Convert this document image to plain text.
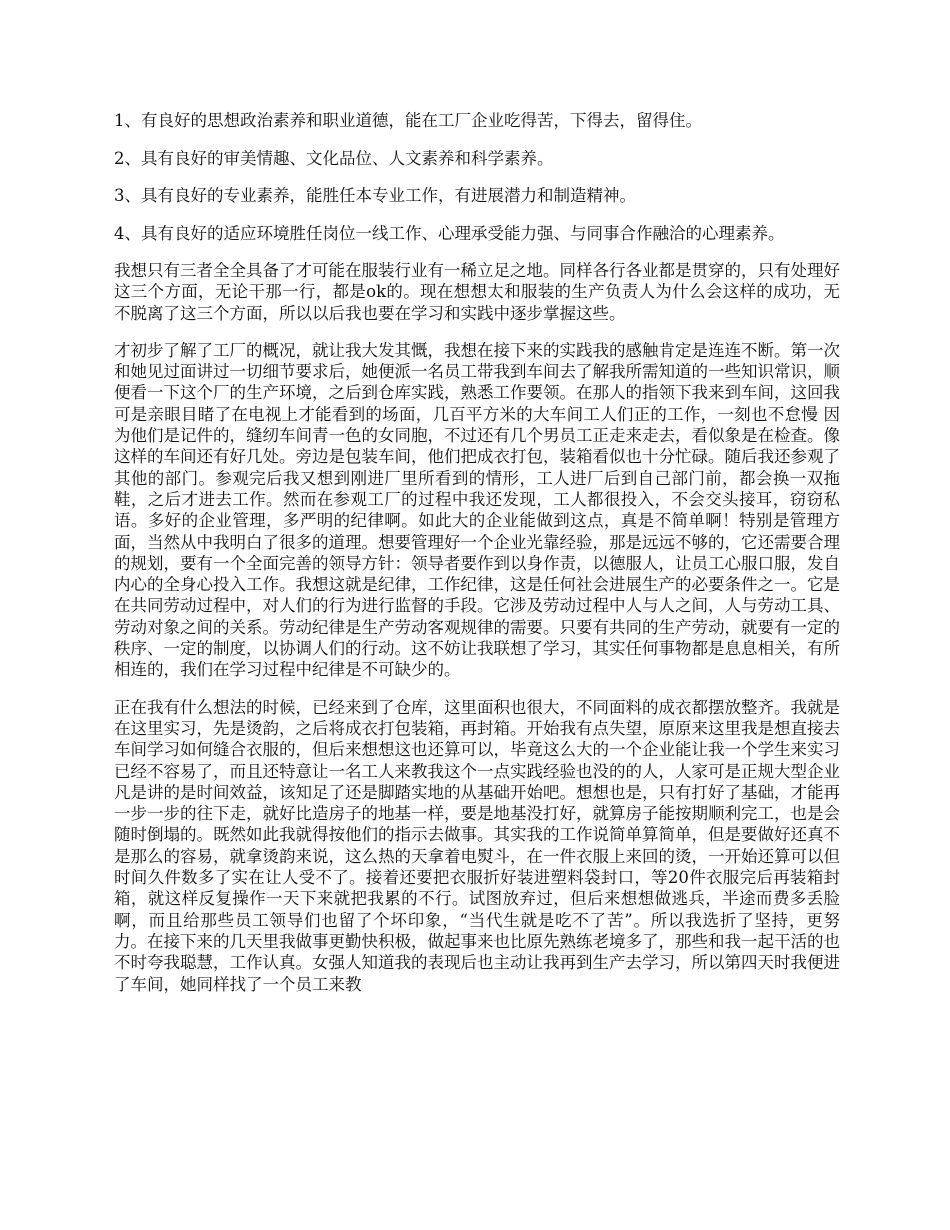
1、有良好的思想政治素养和职业道德，能在工厂企业吃得苦，下得去，留得住。

2、具有良好的审美情趣、文化品位、人文素养和科学素养。

3、具有良好的专业素养，能胜任本专业工作，有进展潜力和制造精神。

4、具有良好的适应环境胜任岗位一线工作、心理承受能力强、与同事合作融洽的心理素养。

我想只有三者全全具备了才可能在服装行业有一稀立足之地。同样各行各业都是贯穿的，只有处理好这三个方面，无论干那一行，都是ok的。现在想想太和服装的生产负责人为什么会这样的成功，无不脱离了这三个方面，所以以后我也要在学习和实践中逐步掌握这些。

才初步了解了工厂的概况，就让我大发其慨，我想在接下来的实践我的感触肯定是连连不断。第一次和她见过面讲过一切细节要求后，她便派一名员工带我到车间去了解我所需知道的一些知识常识，顺便看一下这个厂的生产环境，之后到仓库实践，熟悉工作要领。在那人的指领下我来到车间，这回我可是亲眼目睹了在电视上才能看到的场面，几百平方米的大车间工人们正的工作，一刻也不怠慢 因为他们是记件的，缝纫车间青一色的女同胞，不过还有几个男员工正走来走去，看似象是在检查。像这样的车间还有好几处。旁边是包装车间，他们把成衣打包，装箱看似也十分忙碌。随后我还参观了其他的部门。参观完后我又想到刚进厂里所看到的情形，工人进厂后到自己部门前，都会换一双拖鞋，之后才进去工作。然而在参观工厂的过程中我还发现，工人都很投入，不会交头接耳，窃窃私语。多好的企业管理，多严明的纪律啊。如此大的企业能做到这点，真是不简单啊！特别是管理方面，当然从中我明白了很多的道理。想要管理好一个企业光靠经验，那是远远不够的，它还需要合理的规划，要有一个全面完善的领导方针：领导者要作到以身作责，以德服人，让员工心服口服，发自内心的全身心投入工作。我想这就是纪律，工作纪律，这是任何社会进展生产的必要条件之一。它是在共同劳动过程中，对人们的行为进行监督的手段。它涉及劳动过程中人与人之间，人与劳动工具、劳动对象之间的关系。劳动纪律是生产劳动客观规律的需要。只要有共同的生产劳动，就要有一定的秩序、一定的制度，以协调人们的行动。这不妨让我联想了学习，其实任何事物都是息息相关，有所相连的，我们在学习过程中纪律是不可缺少的。

正在我有什么想法的时候，已经来到了仓库，这里面积也很大，不同面料的成衣都摆放整齐。我就是在这里实习，先是烫韵，之后将成衣打包装箱，再封箱。开始我有点失望，原原来这里我是想直接去车间学习如何缝合衣服的，但后来想想这也还算可以，毕竟这么大的一个企业能让我一个学生来实习已经不容易了，而且还特意让一名工人来教我这个一点实践经验也没的的人，人家可是正规大型企业凡是讲的是时间效益，该知足了还是脚踏实地的从基础开始吧。想想也是，只有打好了基础，才能再一步一步的往下走，就好比造房子的地基一样，要是地基没打好，就算房子能按期顺利完工，也是会随时倒塌的。既然如此我就得按他们的指示去做事。其实我的工作说简单算简单，但是要做好还真不是那么的容易，就拿烫韵来说，这么热的天拿着电熨斗，在一件衣服上来回的烫，一开始还算可以但时间久件数多了实在让人受不了。接着还要把衣服折好装进塑料袋封口，等20件衣服完后再装箱封箱，就这样反复操作一天下来就把我累的不行。试图放弃过，但后来想想做逃兵，半途而费多丢脸啊，而且给那些员工领导们也留了个坏印象，“当代生就是吃不了苦”。所以我选折了坚持，更努力。在接下来的几天里我做事更勤快积极，做起事来也比原先熟练老境多了，那些和我一起干活的也不时夸我聪慧，工作认真。女强人知道我的表现后也主动让我再到生产去学习，所以第四天时我便进了车间，她同样找了一个员工来教
